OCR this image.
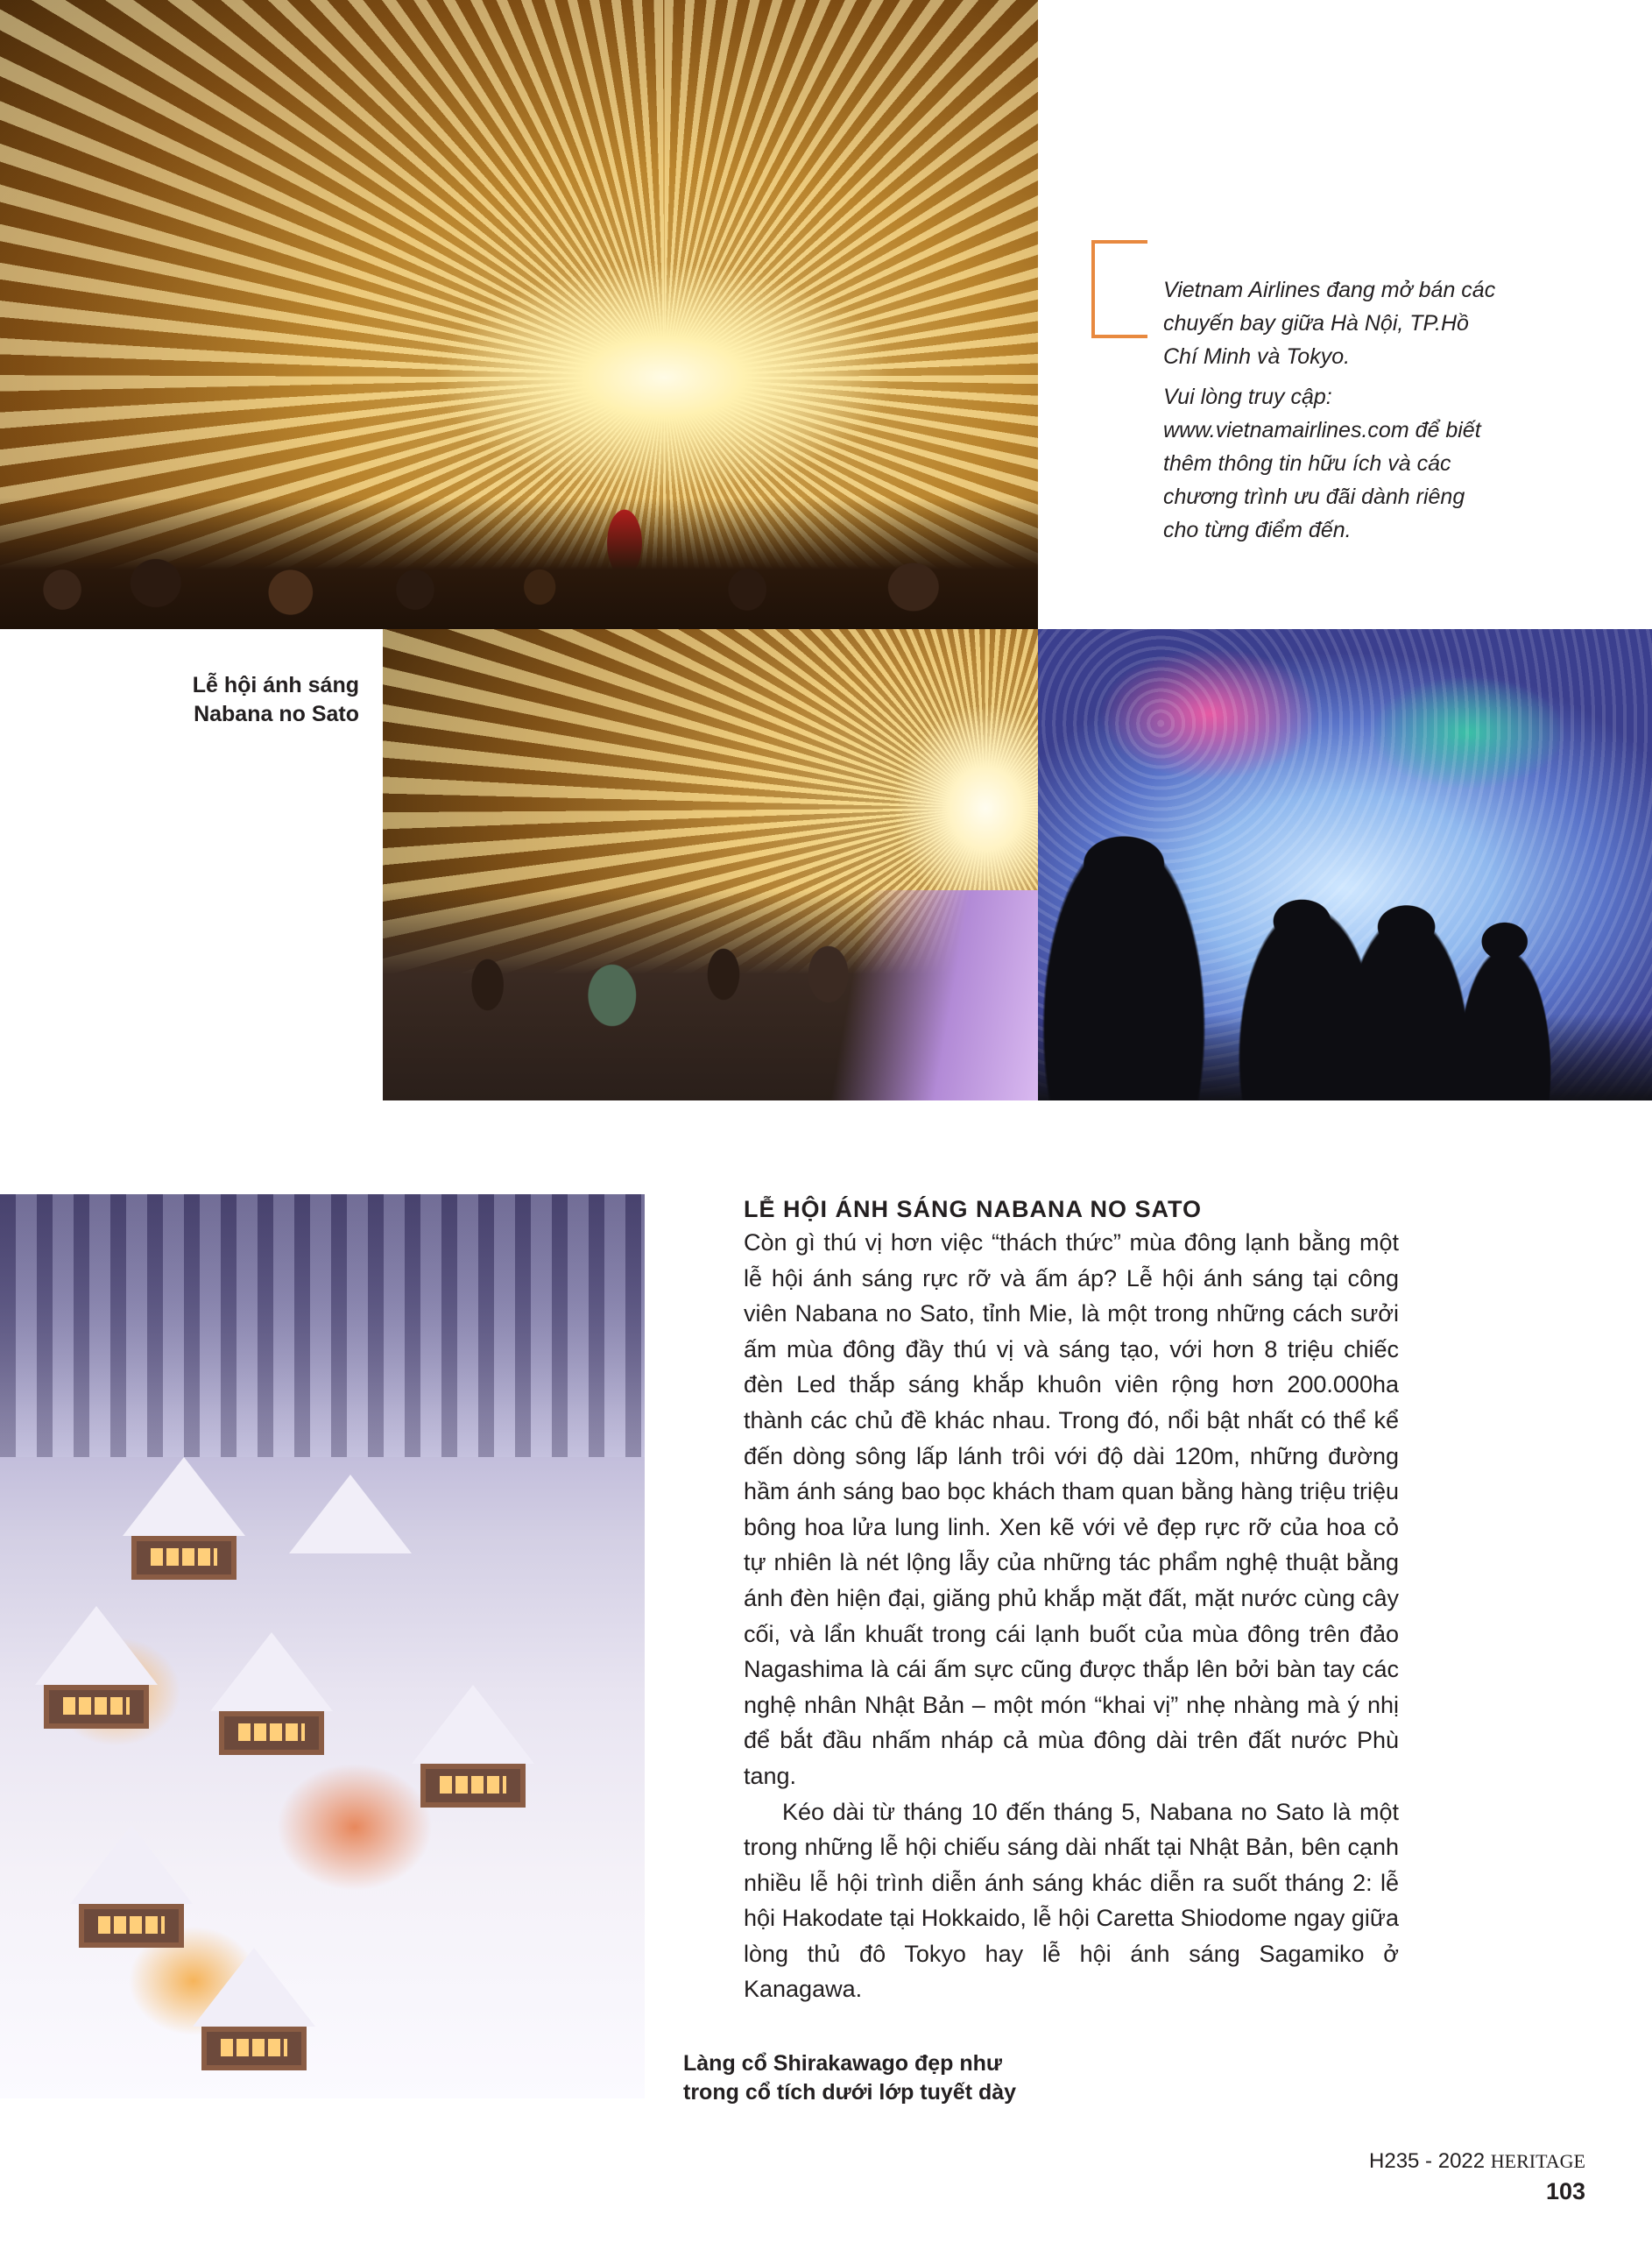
Vietnam Airlines đang mở bán các chuyến bay giữa Hà Nội, TP.Hồ Chí Minh và Tokyo.

Vui lòng truy cập: www.vietnamairlines.com để biết thêm thông tin hữu ích và các chương trình ưu đãi dành riêng cho từng điểm đến.

Lễ hội ánh sáng Nabana no Sato
Làng cổ Shirakawago đẹp như trong cổ tích dưới lớp tuyết dày
LỄ HỘI ÁNH SÁNG NABANA NO SATO

Còn gì thú vị hơn việc “thách thức” mùa đông lạnh bằng một lễ hội ánh sáng rực rỡ và ấm áp? Lễ hội ánh sáng tại công viên Nabana no Sato, tỉnh Mie, là một trong những cách sưởi ấm mùa đông đầy thú vị và sáng tạo, với hơn 8 triệu chiếc đèn Led thắp sáng khắp khuôn viên rộng hơn 200.000ha thành các chủ đề khác nhau. Trong đó, nổi bật nhất có thể kể đến dòng sông lấp lánh trôi với độ dài 120m, những đường hầm ánh sáng bao bọc khách tham quan bằng hàng triệu triệu bông hoa lửa lung linh. Xen kẽ với vẻ đẹp rực rỡ của hoa cỏ tự nhiên là nét lộng lẫy của những tác phẩm nghệ thuật bằng ánh đèn hiện đại, giăng phủ khắp mặt đất, mặt nước cùng cây cối, và lẩn khuất trong cái lạnh buốt của mùa đông trên đảo Nagashima là cái ấm sực cũng được thắp lên bởi bàn tay các nghệ nhân Nhật Bản – một món “khai vị” nhẹ nhàng mà ý nhị để bắt đầu nhấm nháp cả mùa đông dài trên đất nước Phù tang.

Kéo dài từ tháng 10 đến tháng 5, Nabana no Sato là một trong những lễ hội chiếu sáng dài nhất tại Nhật Bản, bên cạnh nhiều lễ hội trình diễn ánh sáng khác diễn ra suốt tháng 2: lễ hội Hakodate tại Hokkaido, lễ hội Caretta Shiodome ngay giữa lòng thủ đô Tokyo hay lễ hội ánh sáng Sagamiko ở Kanagawa.

H235 - 2022 HERITAGE 103
